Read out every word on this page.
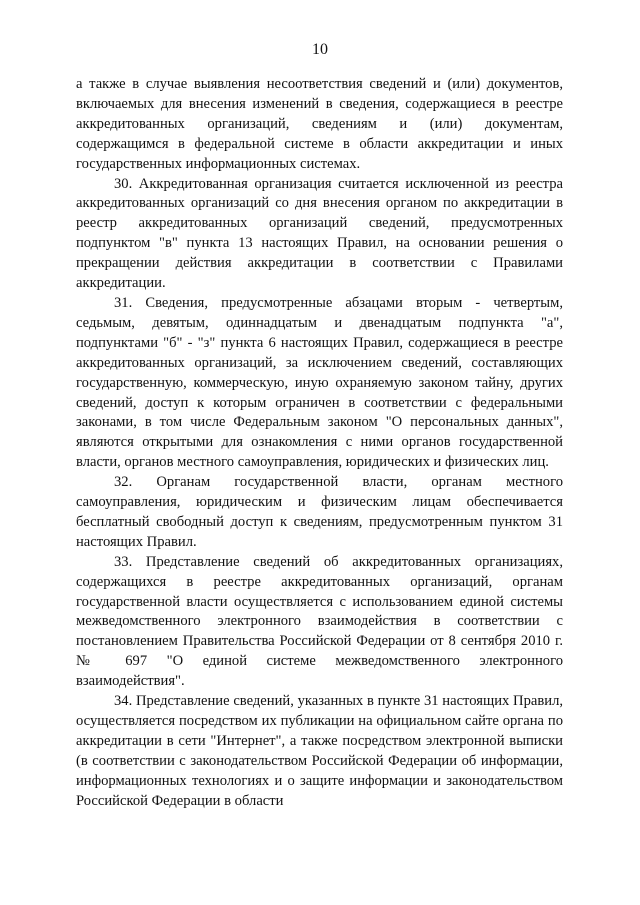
10

а также в случае выявления несоответствия сведений и (или) документов, включаемых для внесения изменений в сведения, содержащиеся в реестре аккредитованных организаций, сведениям и (или) документам, содержащимся в федеральной системе в области аккредитации и иных государственных информационных системах.

30. Аккредитованная организация считается исключенной из реестра аккредитованных организаций со дня внесения органом по аккредитации в реестр аккредитованных организаций сведений, предусмотренных подпунктом "в" пункта 13 настоящих Правил, на основании решения о прекращении действия аккредитации в соответствии с Правилами аккредитации.

31. Сведения, предусмотренные абзацами вторым - четвертым, седьмым, девятым, одиннадцатым и двенадцатым подпункта "а", подпунктами "б" - "з" пункта 6 настоящих Правил, содержащиеся в реестре аккредитованных организаций, за исключением сведений, составляющих государственную, коммерческую, иную охраняемую законом тайну, других сведений, доступ к которым ограничен в соответствии с федеральными законами, в том числе Федеральным законом "О персональных данных", являются открытыми для ознакомления с ними органов государственной власти, органов местного самоуправления, юридических и физических лиц.

32. Органам государственной власти, органам местного самоуправления, юридическим и физическим лицам обеспечивается бесплатный свободный доступ к сведениям, предусмотренным пунктом 31 настоящих Правил.

33. Представление сведений об аккредитованных организациях, содержащихся в реестре аккредитованных организаций, органам государственной власти осуществляется с использованием единой системы межведомственного электронного взаимодействия в соответствии с постановлением Правительства Российской Федерации от 8 сентября 2010 г. № 697 "О единой системе межведомственного электронного взаимодействия".

34. Представление сведений, указанных в пункте 31 настоящих Правил, осуществляется посредством их публикации на официальном сайте органа по аккредитации в сети "Интернет", а также посредством электронной выписки (в соответствии с законодательством Российской Федерации об информации, информационных технологиях и о защите информации и законодательством Российской Федерации в области
